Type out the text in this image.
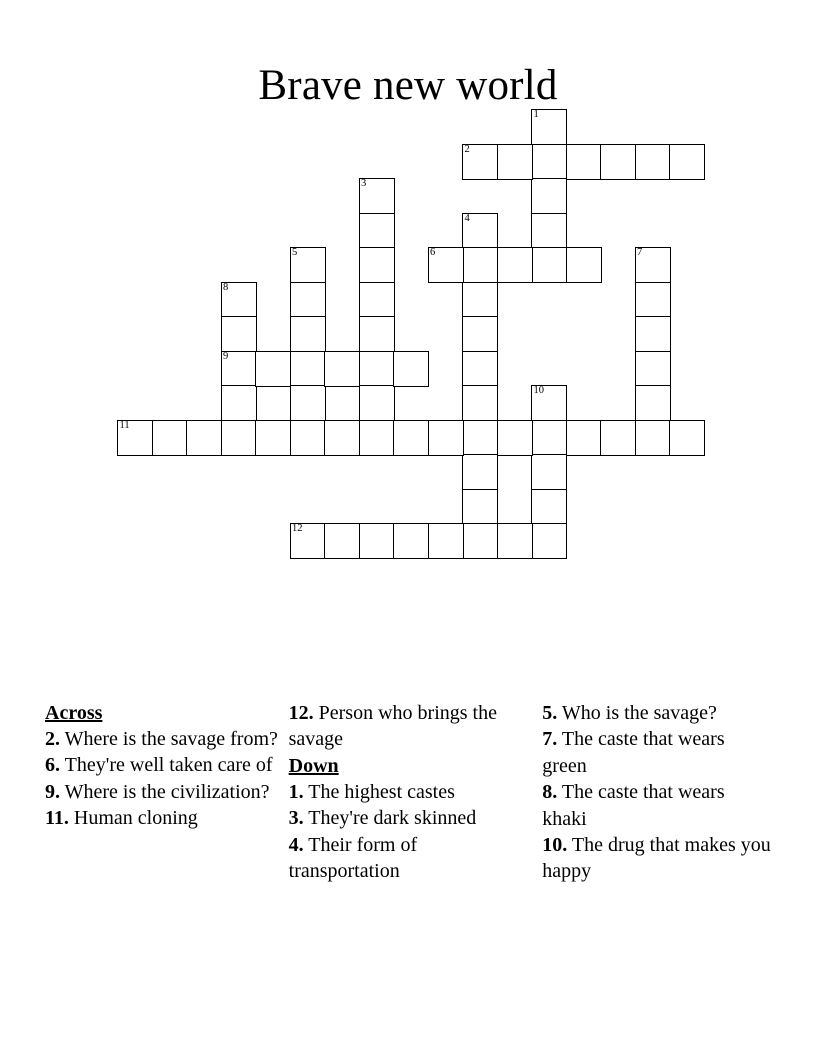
Brave new world
1
2
3
4
5	6	7
8
9
10
11
12
Across

2. Where is the savage from?

6. They're well taken care of

9. Where is the civilization?

11. Human cloning

12. Person who brings the savage

Down

1. The highest castes

3. They're dark skinned

4. Their form of transportation

5. Who is the savage?

7. The caste that wears green

8. The caste that wears khaki

10. The drug that makes you happy
